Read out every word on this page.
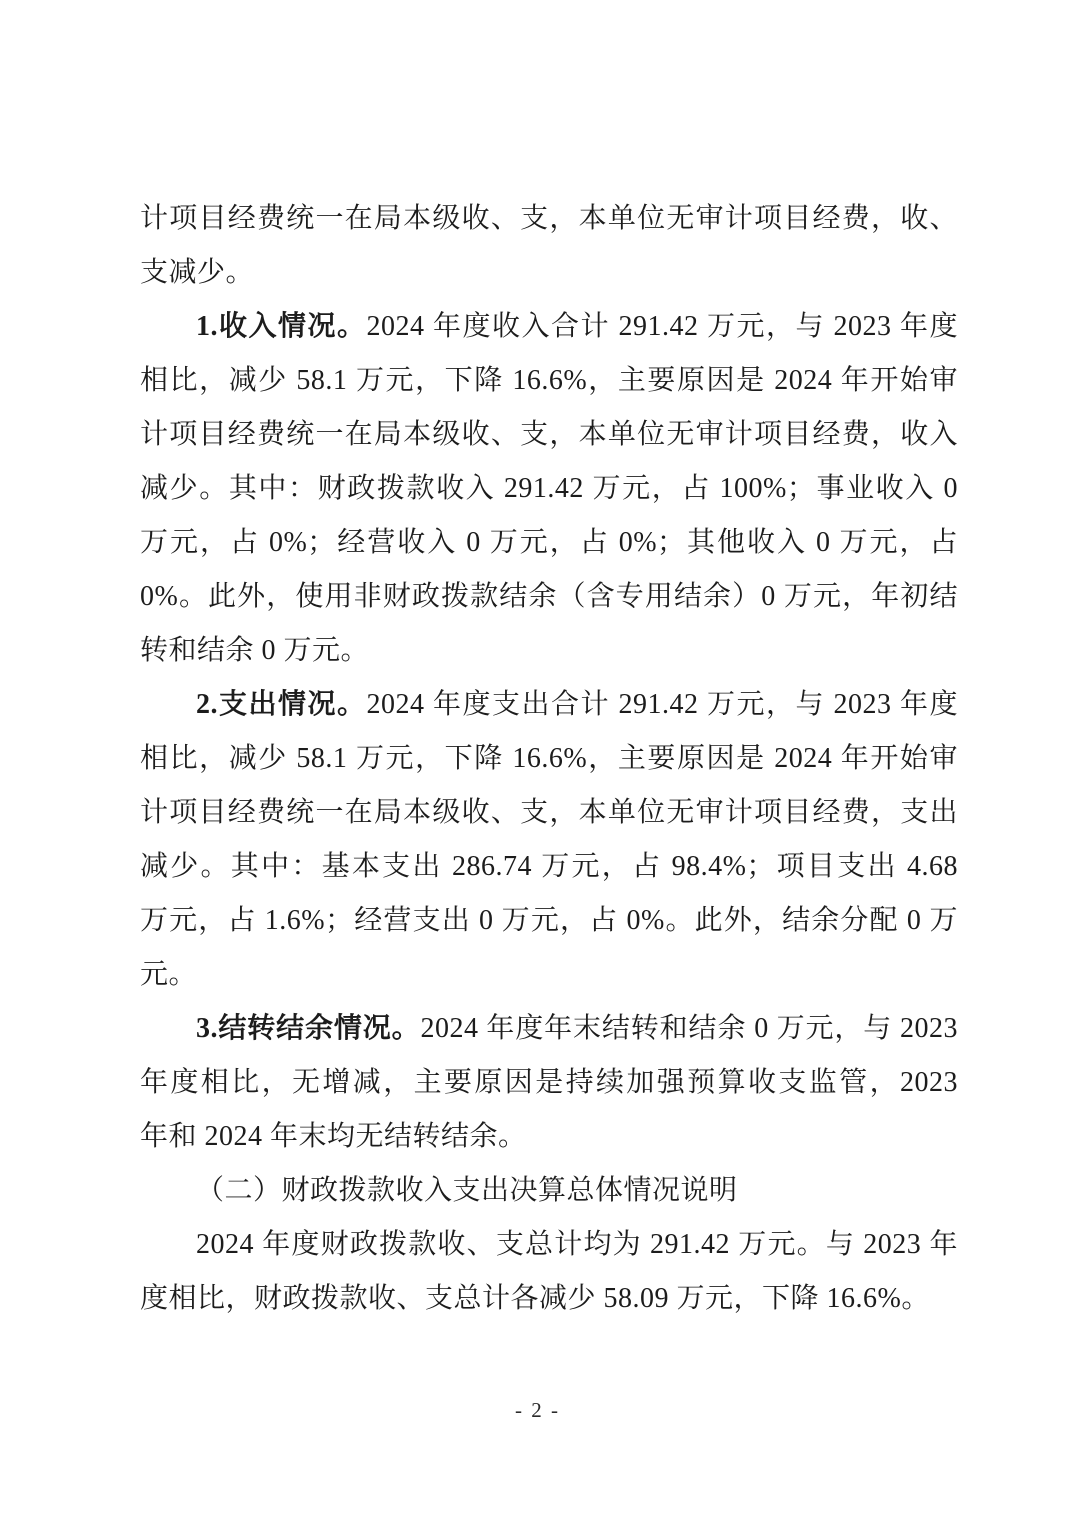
计项目经费统一在局本级收、支，本单位无审计项目经费，收、
支减少。
1.收入情况。2024 年度收入合计 291.42 万元，与 2023 年度
相比，减少 58.1 万元，下降 16.6%，主要原因是 2024 年开始审
计项目经费统一在局本级收、支，本单位无审计项目经费，收入
减少。其中：财政拨款收入 291.42 万元，占 100%；事业收入 0
万元，占 0%；经营收入 0 万元，占 0%；其他收入 0 万元，占
0%。此外，使用非财政拨款结余（含专用结余）0 万元，年初结
转和结余 0 万元。
2.支出情况。2024 年度支出合计 291.42 万元，与 2023 年度
相比，减少 58.1 万元，下降 16.6%，主要原因是 2024 年开始审
计项目经费统一在局本级收、支，本单位无审计项目经费，支出
减少。其中：基本支出 286.74 万元，占 98.4%；项目支出 4.68
万元，占 1.6%；经营支出 0 万元，占 0%。此外，结余分配 0 万
元。
3.结转结余情况。2024 年度年末结转和结余 0 万元，与 2023
年度相比，无增减，主要原因是持续加强预算收支监管，2023
年和 2024 年末均无结转结余。
（二）财政拨款收入支出决算总体情况说明
2024 年度财政拨款收、支总计均为 291.42 万元。与 2023 年
度相比，财政拨款收、支总计各减少 58.09 万元，下降 16.6%。
- 2 -
